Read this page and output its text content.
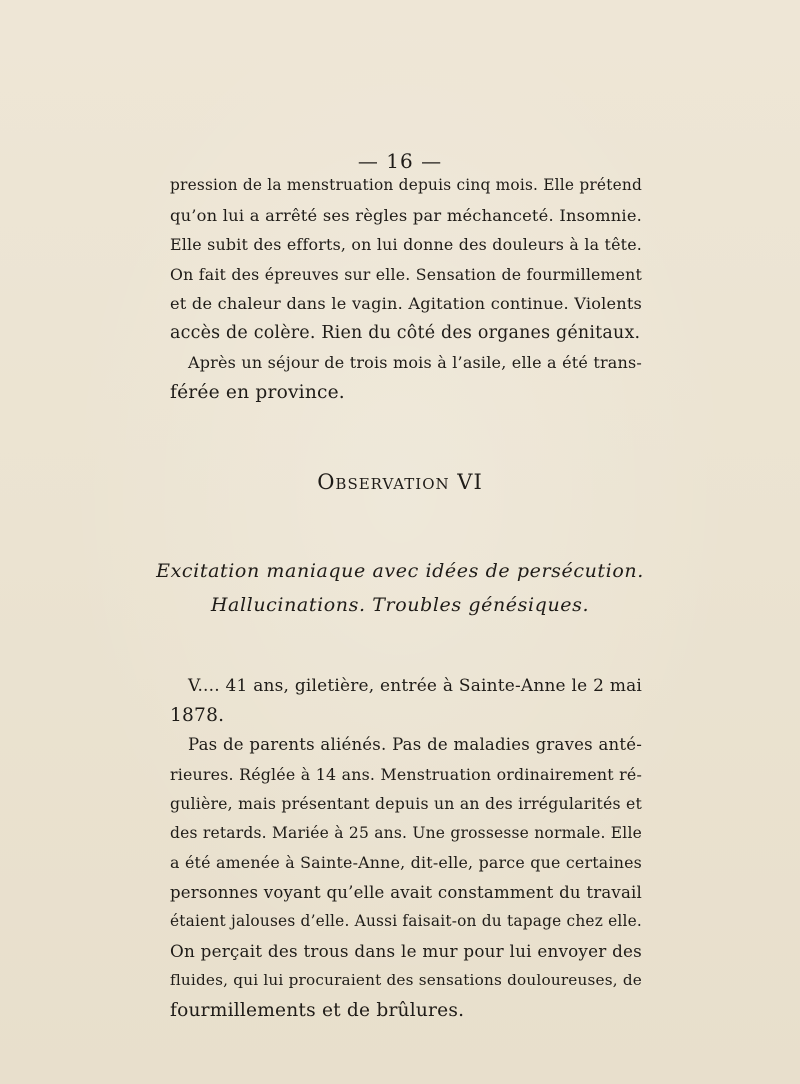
— 16 —
pression de la menstruation depuis cinq mois. Elle prétend
qu’on lui a arrêté ses règles par méchanceté. Insomnie.
Elle subit des efforts, on lui donne des douleurs à la tête.
On fait des épreuves sur elle. Sensation de fourmillement
et de chaleur dans le vagin. Agitation continue. Violents
accès de colère. Rien du côté des organes génitaux.
Après un séjour de trois mois à l’asile, elle a été trans-
férée en province.
Observation VI
Excitation maniaque avec idées de persécution.
Hallucinations. Troubles génésiques.
V.... 41 ans, giletière, entrée à Sainte-Anne le 2 mai
1878.
Pas de parents aliénés. Pas de maladies graves anté-
rieures. Réglée à 14 ans. Menstruation ordinairement ré-
gulière, mais présentant depuis un an des irrégularités et
des retards. Mariée à 25 ans. Une grossesse normale. Elle
a été amenée à Sainte-Anne, dit-elle, parce que certaines
personnes voyant qu’elle avait constamment du travail
étaient jalouses d’elle. Aussi faisait-on du tapage chez elle.
On perçait des trous dans le mur pour lui envoyer des
fluides, qui lui procuraient des sensations douloureuses, de
fourmillements et de brûlures.
